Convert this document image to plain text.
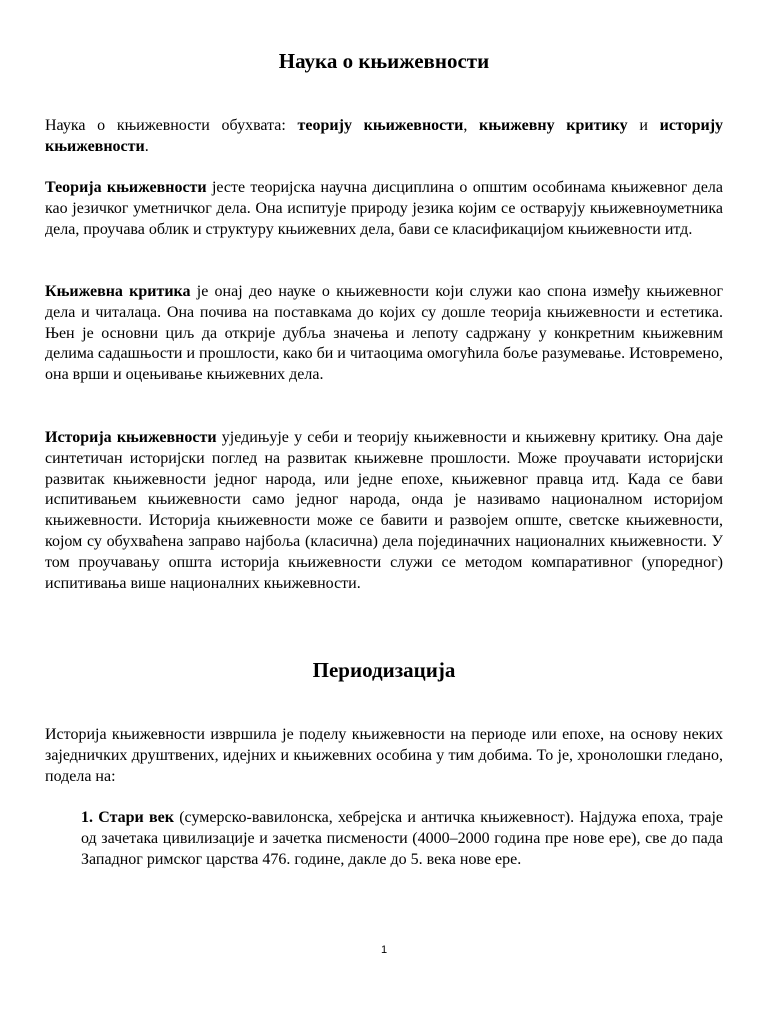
Наука о књижевности

Наука о књижевности обухвата: теорију књижевности, књижевну критику и историју књижевности.

Теорија књижевности јесте теоријска научна дисциплина о општим особинама књижевног дела као језичког уметничког дела. Она испитује природу језика којим се остварују књижевноуметника дела, проучава облик и структуру књижевних дела, бави се класификацијом књижевности итд.

Књижевна критика је онај део науке о књижевности који служи као спона између књижевног дела и читалаца. Она почива на поставкама до којих су дошле теорија књижевности и естетика. Њен је основни циљ да открије дубља значења и лепоту садржану у конкретним књижевним делима садашњости и прошлости, како би и читаоцима омогућила боље разумевање. Истовремено, она врши и оцењивање књижевних дела.

Историја књижевности уједињује у себи и теорију књижевности и књижевну критику. Она даје синтетичан историјски поглед на развитак књижевне прошлости. Може проучавати историјски развитак књижевности једног народа, или једне епохе, књижевног правца итд. Када се бави испитивањем књижевности само једног народа, онда је називамо националном историјом књижевности. Историја књижевности може се бавити и развојем опште, светске књижевности, којом су обухваћена заправо најбоља (класична) дела појединачних националних књижевности. У том проучавању општа историја књижевности служи се методом компаративног (упоредног) испитивања више националних књижевности.

Периодизација

Историја књижевности извршила је поделу књижевности на периоде или епохе, на основу неких заједничких друштвених, идејних и књижевних особина у тим добима. То је, хронолошки гледано, подела на:

1. Стари век (сумерско-вавилонска, хебрејска и античка књижевност). Најдужа епоха, траје од зачетака цивилизације и зачетка писмености (4000–2000 година пре нове ере), све до пада Западног римског царства 476. године, дакле до 5. века нове ере.

1
